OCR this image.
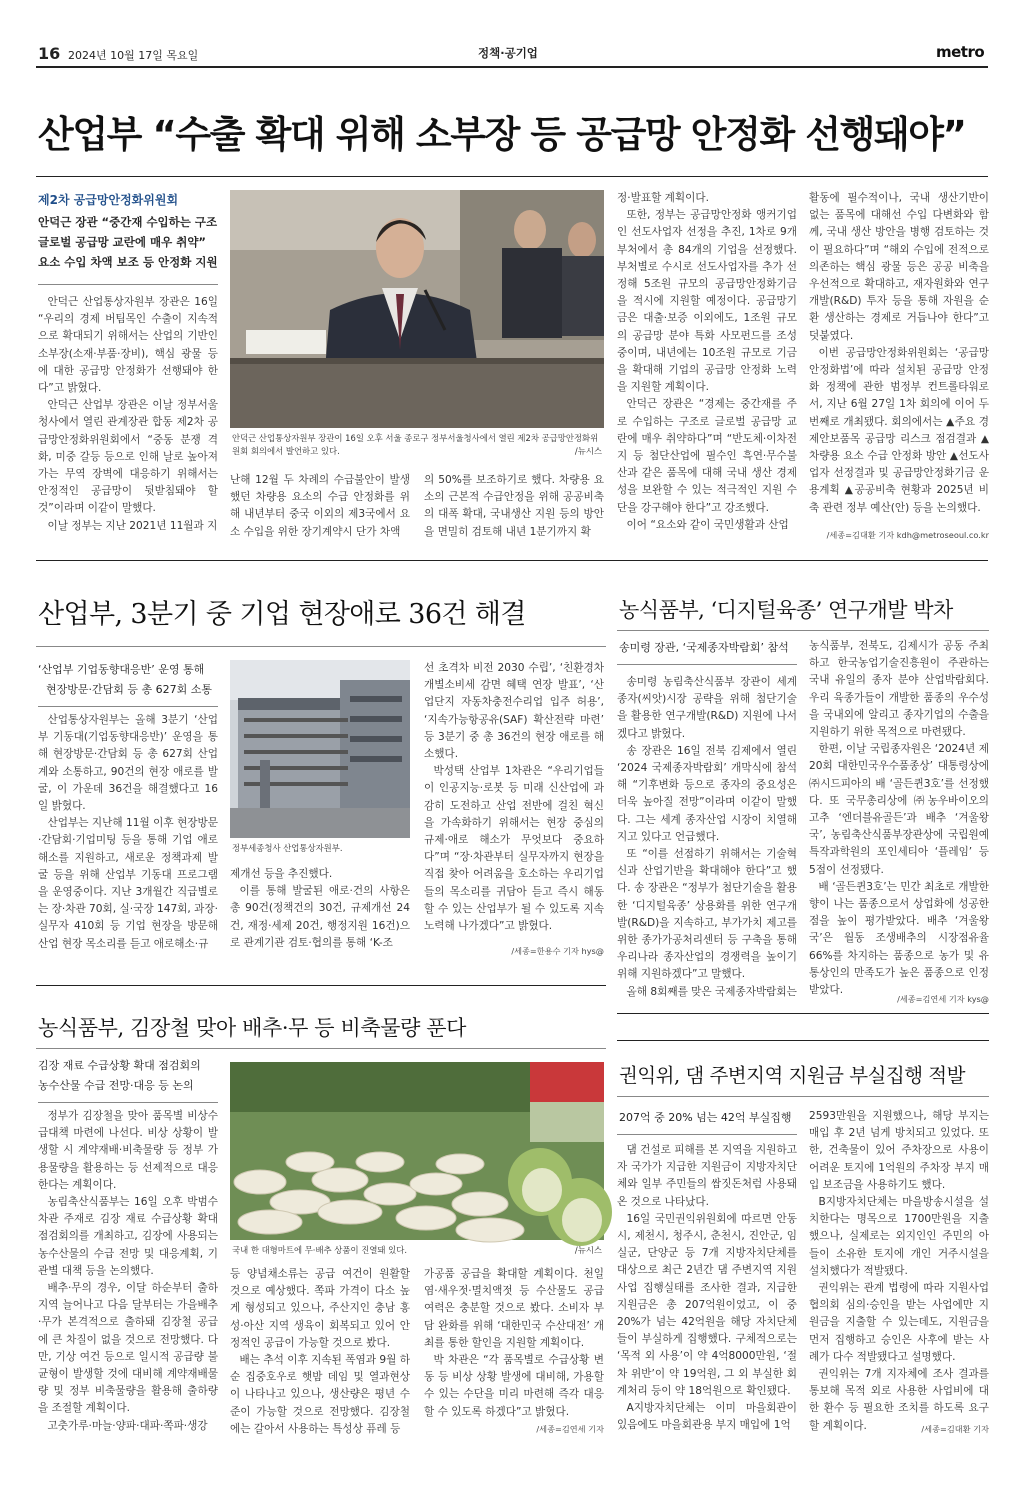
16 2024년 10월 17일 목요일	정책·공기업	metro
산업부 “수출 확대 위해 소부장 등 공급망 안정화 선행돼야”
제2차 공급망안정화위원회
안덕근 장관 “중간재 수입하는 구조
글로벌 공급망 교란에 매우 취약”
요소 수입 차액 보조 등 안정화 지원

안덕근 산업통상자원부 장관은 16일 “우리의 경제 버팀목인 수출이 지속적으로 확대되기 위해서는 산업의 기반인 소부장(소재·부품·장비), 핵심 광물 등에 대한 공급망 안정화가 선행돼야 한다”고 밝혔다.

안덕근 산업부 장관은 이날 정부서울청사에서 열린 관계장관 합동 제2차 공급망안정화위원회에서 “중동 분쟁 격화, 미중 갈등 등으로 인해 날로 높아져 가는 무역 장벽에 대응하기 위해서는 안정적인 공급망이 뒷받침돼야 할 것”이라며 이같이 말했다.

이날 정부는 지난 2021년 11월과 지

안덕근 산업통상자원부 장관이 16일 오후 서울 종로구 정부서울청사에서 열린 제2차 공급망안정화위원회 회의에서 발언하고 있다.	/뉴시스

난해 12월 두 차례의 수급불안이 발생했던 차량용 요소의 수급 안정화를 위해 내년부터 중국 이외의 제3국에서 요소 수입을 위한 장기계약시 단가 차액

의 50%를 보조하기로 했다. 차량용 요소의 근본적 수급안정을 위해 공공비축의 대폭 확대, 국내생산 지원 등의 방안을 면밀히 검토해 내년 1분기까지 확

정·발표할 계획이다.

또한, 정부는 공급망안정화 앵커기업인 선도사업자 선정을 추진, 1차로 9개 부처에서 총 84개의 기업을 선정했다. 부처별로 수시로 선도사업자를 추가 선정해 5조원 규모의 공급망안정화기금을 적시에 지원할 예정이다. 공급망기금은 대출·보증 이외에도, 1조원 규모의 공급망 분야 특화 사모펀드를 조성 중이며, 내년에는 10조원 규모로 기금을 확대해 기업의 공급망 안정화 노력을 지원할 계획이다.

안덕근 장관은 “경제는 중간재를 주로 수입하는 구조로 글로벌 공급망 교란에 매우 취약하다”며 “반도체·이차전지 등 첨단산업에 필수인 흑연·무수불산과 같은 품목에 대해 국내 생산 경제성을 보완할 수 있는 적극적인 지원 수단을 강구해야 한다”고 강조했다.

이어 “요소와 같이 국민생활과 산업

활동에 필수적이나, 국내 생산기반이 없는 품목에 대해선 수입 다변화와 함께, 국내 생산 방안을 병행 검토하는 것이 필요하다”며 “해외 수입에 전적으로 의존하는 핵심 광물 등은 공공 비축을 우선적으로 확대하고, 재자원화와 연구개발(R&D) 투자 등을 통해 자원을 순환 생산하는 경제로 거듭나야 한다”고 덧붙였다.

이번 공급망안정화위원회는 ‘공급망안정화법’에 따라 설치된 공급망 안정화 정책에 관한 범정부 컨트롤타워로서, 지난 6월 27일 1차 회의에 이어 두 번째로 개최됐다. 회의에서는 ▲주요 경제안보품목 공급망 리스크 점검결과 ▲차량용 요소 수급 안정화 방안 ▲선도사업자 선정결과 및 공급망안정화기금 운용계획 ▲공공비축 현황과 2025년 비축 관련 정부 예산(안) 등을 논의했다.

/세종=김대환 기자 kdh@metroseoul.co.kr
산업부, 3분기 중 기업 현장애로 36건 해결
‘산업부 기업동향대응반’ 운영 통해
현장방문·간담회 등 총 627회 소통

산업통상자원부는 올해 3분기 ‘산업부 기동대(기업동향대응반)’ 운영을 통해 현장방문·간담회 등 총 627회 산업계와 소통하고, 90건의 현장 애로를 발굴, 이 가운데 36건을 해결했다고 16일 밝혔다.

산업부는 지난해 11월 이후 현장방문·간담회·기업미팅 등을 통해 기업 애로해소를 지원하고, 새로운 정책과제 발굴 등을 위해 산업부 기동대 프로그램을 운영중이다. 지난 3개월간 직급별로는 장·차관 70회, 실·국장 147회, 과장·실무자 410회 등 기업 현장을 방문해 산업 현장 목소리를 듣고 애로해소·규

정부세종청사 산업통상자원부.

제개선 등을 추진했다.

이를 통해 발굴된 애로·건의 사항은 총 90건(정책건의 30건, 규제개선 24건, 재정·세제 20건, 행정지원 16건)으로 관계기관 검토·협의를 통해 ‘K-조

선 초격차 비전 2030 수립’, ‘친환경차 개별소비세 감면 혜택 연장 발표’, ‘산업단지 자동차충전수리업 입주 허용’, ‘지속가능항공유(SAF) 확산전략 마련’ 등 3분기 중 총 36건의 현장 애로를 해소했다.

박성택 산업부 1차관은 “우리기업들이 인공지능·로봇 등 미래 신산업에 과감히 도전하고 산업 전반에 걸친 혁신을 가속화하기 위해서는 현장 중심의 규제·애로 해소가 무엇보다 중요하다”며 “장·차관부터 실무자까지 현장을 직접 찾아 어려움을 호소하는 우리기업들의 목소리를 귀담아 듣고 즉시 해동할 수 있는 산업부가 될 수 있도록 지속 노력해 나가겠다”고 밝혔다.

/세종=한용수 기자 hys@
농식품부, ‘디지털육종’ 연구개발 박차
송미령 장관, ‘국제종자박람회’ 참석

송미령 농림축산식품부 장관이 세계 종자(씨앗)시장 공략을 위해 첨단기술을 활용한 연구개발(R&D) 지원에 나서겠다고 밝혔다.

송 장관은 16일 전북 김제에서 열린 ‘2024 국제종자박람회’ 개막식에 참석해 “기후변화 등으로 종자의 중요성은 더욱 높아질 전망”이라며 이같이 말했다. 그는 세계 종자산업 시장이 치열해지고 있다고 언급했다.

또 “이를 선점하기 위해서는 기술혁신과 산업기반을 확대해야 한다”고 했다. 송 장관은 “정부가 첨단기술을 활용한 ‘디지털육종’ 상용화를 위한 연구개발(R&D)을 지속하고, 부가가치 제고를 위한 종가가공처리센터 등 구축을 통해 우리나라 종자산업의 경쟁력을 높이기 위해 지원하겠다”고 말했다.

올해 8회째를 맞은 국제종자박람회는

농식품부, 전북도, 김제시가 공동 주최하고 한국농업기술진흥원이 주관하는 국내 유일의 종자 분야 산업박람회다. 우리 육종가들이 개발한 품종의 우수성을 국내외에 알리고 종자기업의 수출을 지원하기 위한 목적으로 마련됐다.

한편, 이날 국립종자원은 ‘2024년 제20회 대한민국우수품종상’ 대통령상에 ㈜시드피아의 배 ‘골든퀸3호’를 선정했다. 또 국무총리상에 ㈜농우바이오의 고추 ‘엔더블유골든’과 배추 ‘겨울왕국’, 농림축산식품부장관상에 국립원예특작과학원의 포인세티아 ‘플레임’ 등 5점이 선정됐다.

배 ‘골든퀸3호’는 민간 최초로 개발한 향이 나는 품종으로서 상업화에 성공한 점을 높이 평가받았다. 배추 ‘겨울왕국’은 월동 조생배추의 시장점유율 66%를 차지하는 품종으로 농가 및 유통상인의 만족도가 높은 품종으로 인정받았다.

/세종=김연세 기자 kys@
농식품부, 김장철 맞아 배추·무 등 비축물량 푼다
김장 재료 수급상황 확대 점검회의
농수산물 수급 전망·대응 등 논의

정부가 김장철을 맞아 품목별 비상수급대책 마련에 나선다. 비상 상황이 발생할 시 계약재배·비축물량 등 정부 가용물량을 활용하는 등 선제적으로 대응한다는 계획이다.

농림축산식품부는 16일 오후 박범수 차관 주재로 김장 재료 수급상황 확대 점검회의를 개최하고, 김장에 사용되는 농수산물의 수급 전망 및 대응계획, 기관별 대책 등을 논의했다.

배추·무의 경우, 이달 하순부터 출하지역 늘어나고 다음 달부터는 가을배추·무가 본격적으로 출하돼 김장철 공급에 큰 차질이 없을 것으로 전망했다. 다만, 기상 여건 등으로 일시적 공급량 불균형이 발생할 것에 대비해 계약재배물량 및 정부 비축물량을 활용해 출하량을 조절할 계획이다.

고춧가루·마늘·양파·대파·쪽파·생강

국내 한 대형마트에 무·배추 상품이 진열돼 있다.	/뉴시스

등 양념채소류는 공급 여건이 원활할 것으로 예상했다. 쪽파 가격이 다소 높게 형성되고 있으나, 주산지인 충남 홍성·아산 지역 생육이 회복되고 있어 안정적인 공급이 가능할 것으로 봤다.

배는 추석 이후 지속된 폭염과 9월 하순 집중호우로 햇밤 데임 및 열과현상이 나타나고 있으나, 생산량은 평년 수준이 가능할 것으로 전망했다. 김장철에는 갈아서 사용하는 특성상 퓨레 등

가공품 공급을 확대할 계획이다. 천일염·새우젓·멸치액젓 등 수산물도 공급 여력은 충분할 것으로 봤다. 소비자 부담 완화를 위해 ‘대한민국 수산대전’ 개최를 통한 할인을 지원할 계획이다.

박 차관은 “각 품목별로 수급상황 변동 등 비상 상황 발생에 대비해, 가용할 수 있는 수단을 미리 마련해 즉각 대응할 수 있도록 하겠다”고 밝혔다.

/세종=김연세 기자
권익위, 댐 주변지역 지원금 부실집행 적발
207억 중 20% 넘는 42억 부실집행

댐 건설로 피해를 본 지역을 지원하고자 국가가 지급한 지원금이 지방자치단체와 일부 주민들의 쌈짓돈처럼 사용돼 온 것으로 나타났다.

16일 국민권익위원회에 따르면 안동시, 제천시, 청주시, 춘천시, 진안군, 임실군, 단양군 등 7개 지방자치단체를 대상으로 최근 2년간 댐 주변지역 지원사업 집행실태를 조사한 결과, 지급한 지원금은 총 207억원이었고, 이 중 20%가 넘는 42억원을 해당 자치단체들이 부실하게 집행했다. 구체적으로는 ‘목적 외 사용’이 약 4억8000만원, ‘절차 위반’이 약 19억원, 그 외 부실한 회계처리 등이 약 18억원으로 확인됐다.

A지방자치단체는 이미 마을회관이 있음에도 마을회관용 부지 매입에 1억

2593만원을 지원했으나, 해당 부지는 매입 후 2년 넘게 방치되고 있었다. 또한, 건축물이 있어 주차장으로 사용이 어려운 토지에 1억원의 주차장 부지 매입 보조금을 사용하기도 했다.

B지방자치단체는 마을방송시설을 설치한다는 명목으로 1700만원을 지출했으나, 실제로는 외지인인 주민의 아들이 소유한 토지에 개인 거주시설을 설치했다가 적발됐다.

권익위는 관계 법령에 따라 지원사업협의회 심의·승인을 받는 사업에만 지원금을 지출할 수 있는데도, 지원금을 먼저 집행하고 승인은 사후에 받는 사례가 다수 적발됐다고 설명했다.

권익위는 7개 지자체에 조사 결과를 통보해 목적 외로 사용한 사업비에 대한 환수 등 필요한 조치를 하도록 요구할 계획이다.	/세종=김대환 기자
